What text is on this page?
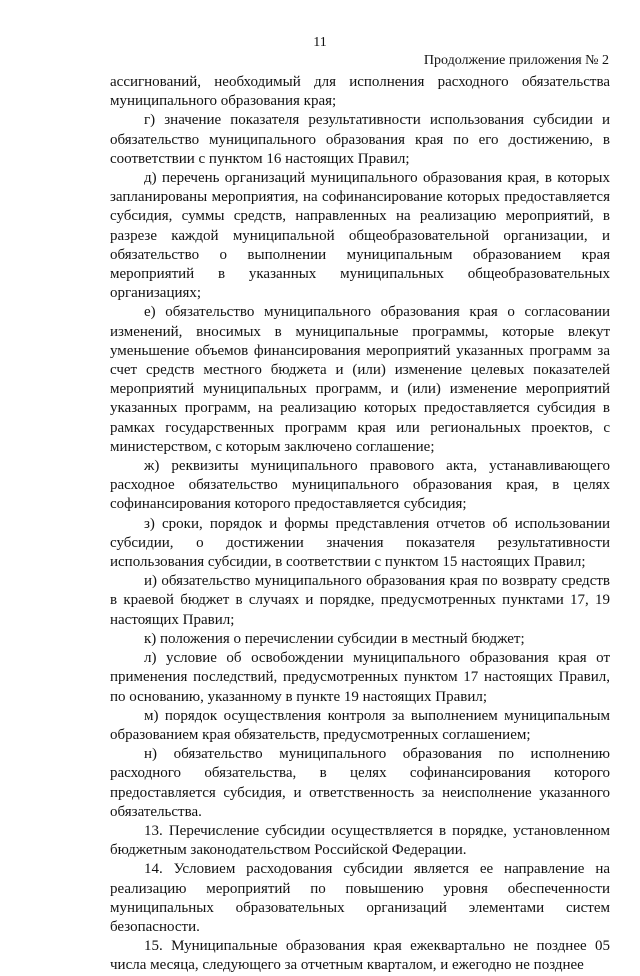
11
Продолжение приложения № 2

ассигнований, необходимый для исполнения расходного обязательства муниципального образования края;

г) значение показателя результативности использования субсидии и обязательство муниципального образования края по его достижению, в соответствии с пунктом 16 настоящих Правил;

д) перечень организаций муниципального образования края, в которых запланированы мероприятия, на софинансирование которых предоставляется субсидия, суммы средств, направленных на реализацию мероприятий, в разрезе каждой муниципальной общеобразовательной организации, и обязательство о выполнении муниципальным образованием края мероприятий в указанных муниципальных общеобразовательных организациях;

е) обязательство муниципального образования края о согласовании изменений, вносимых в муниципальные программы, которые влекут уменьшение объемов финансирования мероприятий указанных программ за счет средств местного бюджета и (или) изменение целевых показателей мероприятий муниципальных программ, и (или) изменение мероприятий указанных программ, на реализацию которых предоставляется субсидия в рамках государственных программ края или региональных проектов, с министерством, с которым заключено соглашение;

ж) реквизиты муниципального правового акта, устанавливающего расходное обязательство муниципального образования края, в целях софинансирования которого предоставляется субсидия;

з) сроки, порядок и формы представления отчетов об использовании субсидии, о достижении значения показателя результативности использования субсидии, в соответствии с пунктом 15 настоящих Правил;

и) обязательство муниципального образования края по возврату средств в краевой бюджет в случаях и порядке, предусмотренных пунктами 17, 19 настоящих Правил;

к) положения о перечислении субсидии в местный бюджет;

л) условие об освобождении муниципального образования края от применения последствий, предусмотренных пунктом 17 настоящих Правил, по основанию, указанному в пункте 19 настоящих Правил;

м) порядок осуществления контроля за выполнением муниципальным образованием края обязательств, предусмотренных соглашением;

н) обязательство муниципального образования по исполнению расходного обязательства, в целях софинансирования которого предоставляется субсидия, и ответственность за неисполнение указанного обязательства.

13. Перечисление субсидии осуществляется в порядке, установленном бюджетным законодательством Российской Федерации.

14. Условием расходования субсидии является ее направление на реализацию мероприятий по повышению уровня обеспеченности муниципальных образовательных организаций элементами систем безопасности.

15. Муниципальные образования края ежеквартально не позднее 05 числа месяца, следующего за отчетным кварталом, и ежегодно не позднее
